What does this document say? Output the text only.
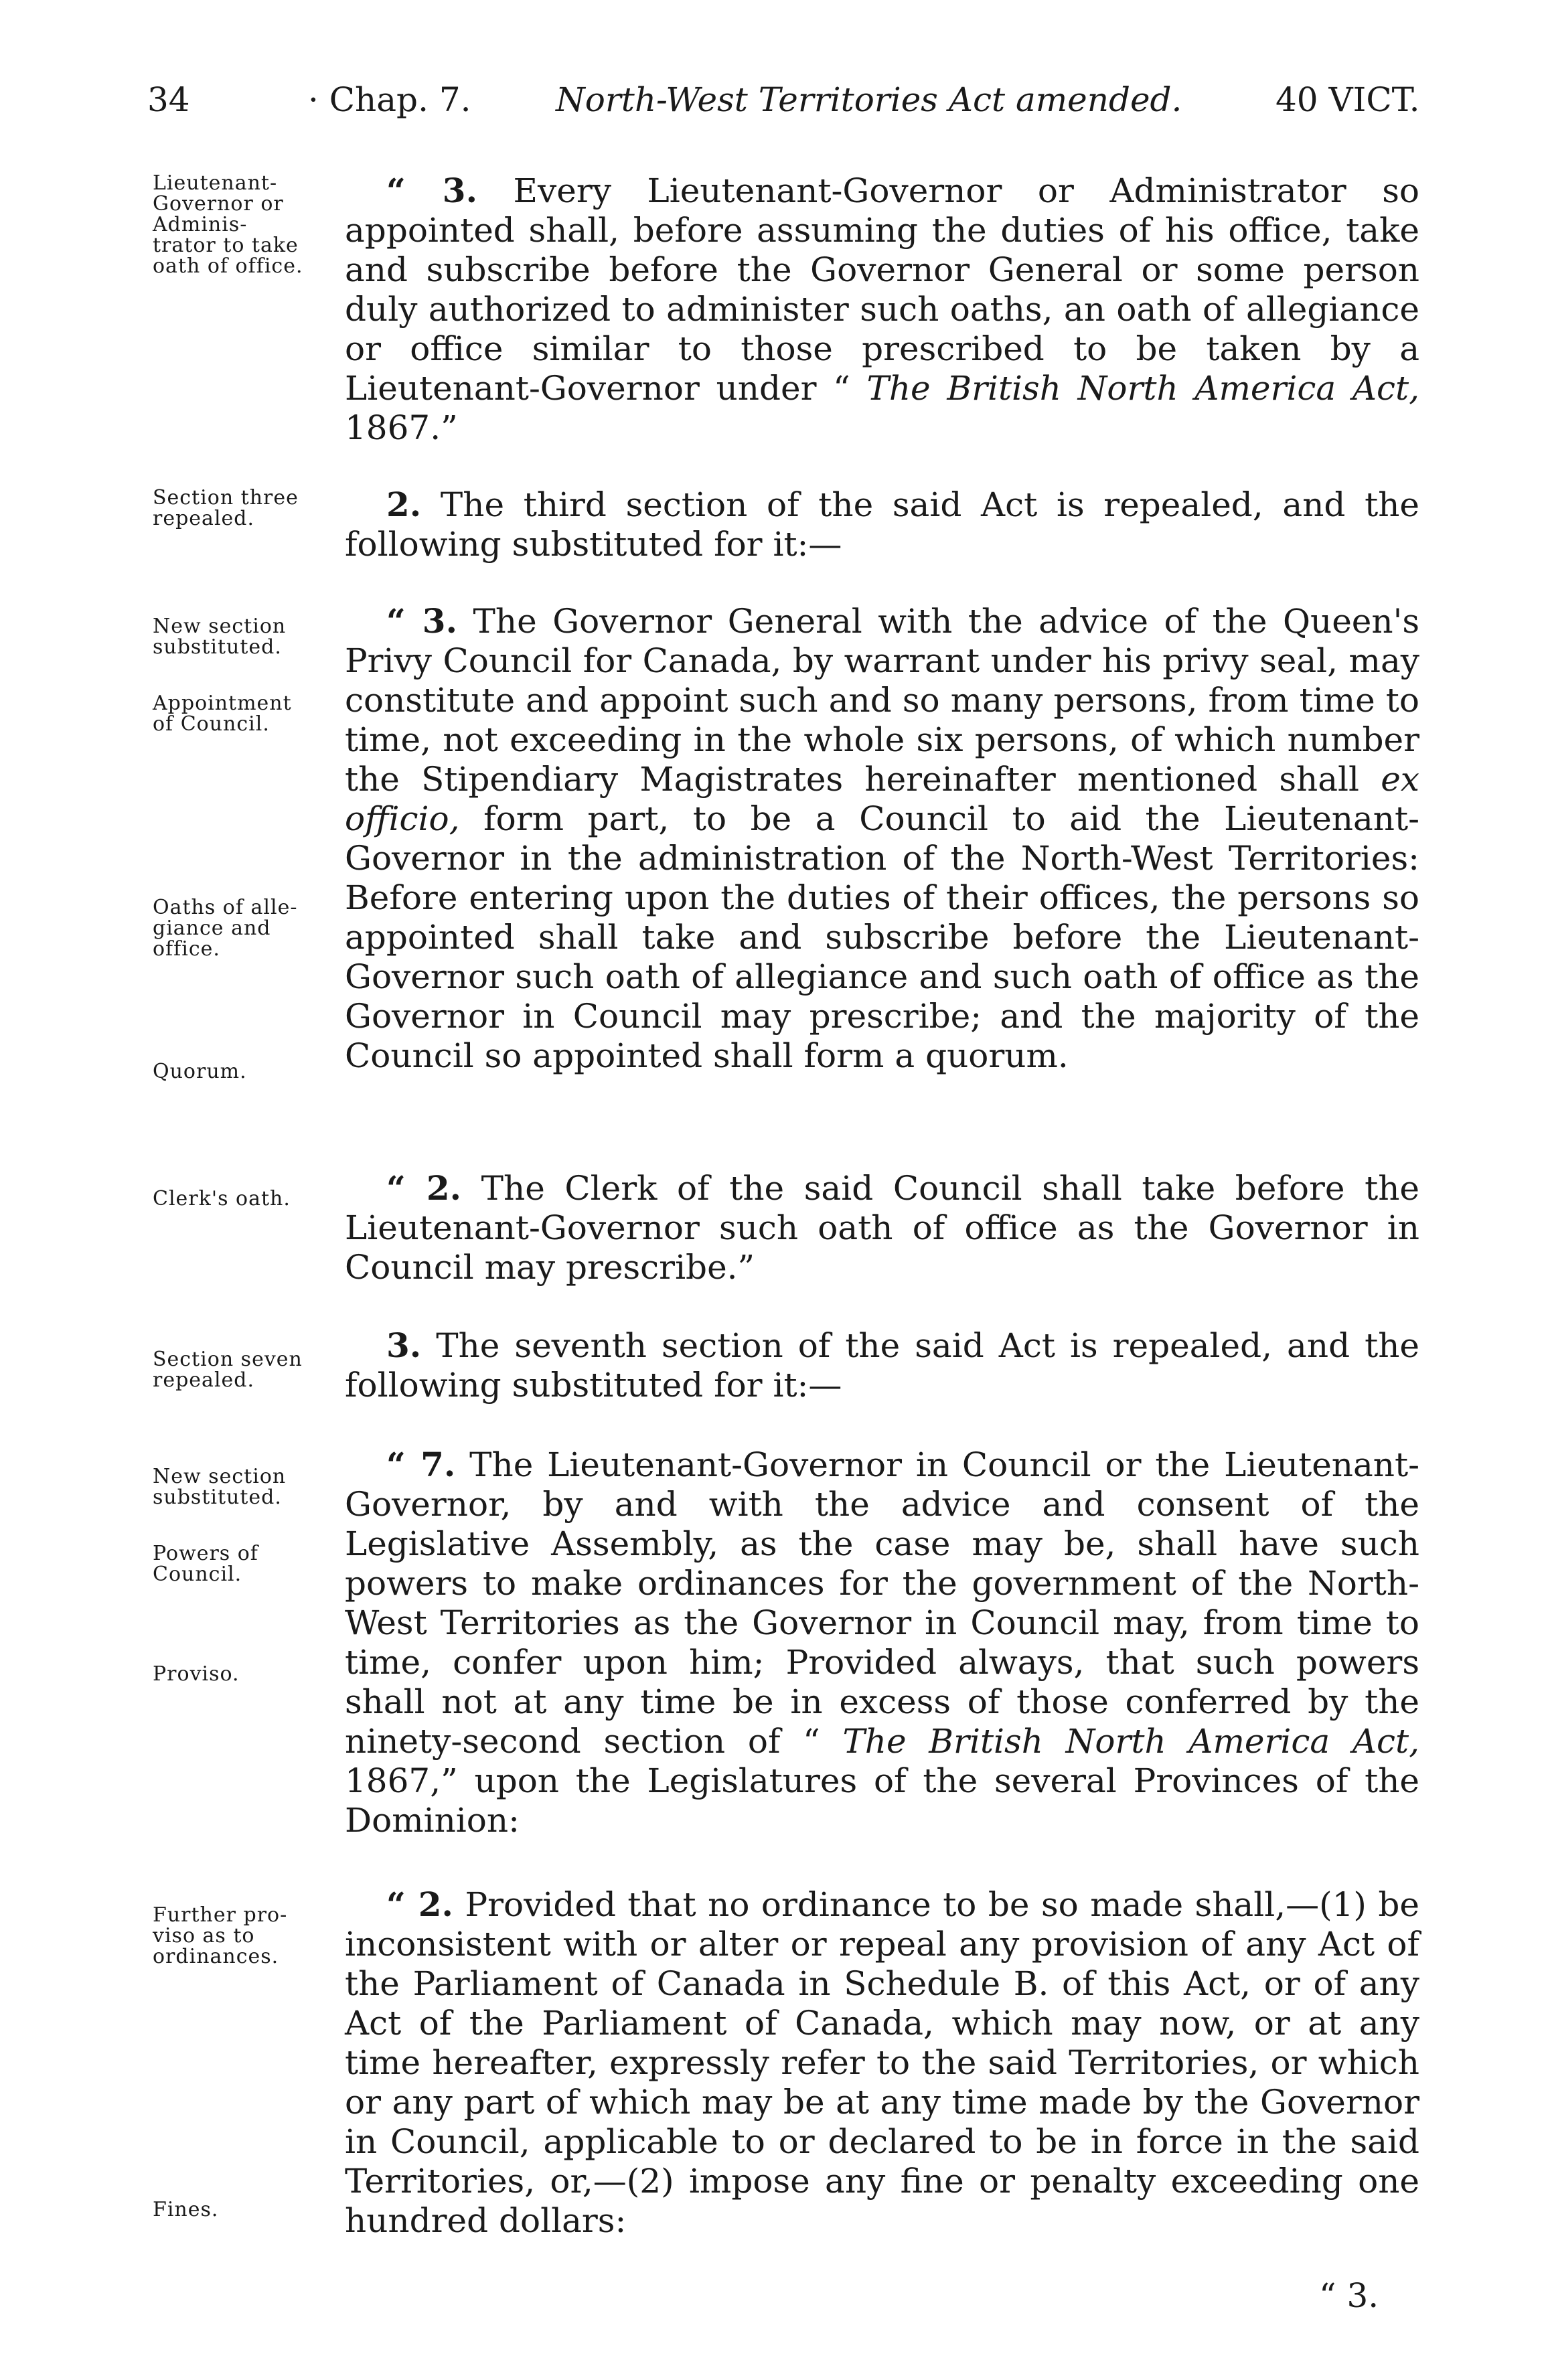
34	· Chap. 7.	North-West Territories Act amended.	40 VICT.
Lieutenant-
Governor or
Adminis-
trator to take
oath of office.
Section three
repealed.
New section
substituted.
Appointment
of Council.
Oaths of alle-
giance and
office.
Quorum.
Clerk's oath.
Section seven
repealed.
New section
substituted.
Powers of
Council.
Proviso.
Further pro-
viso as to
ordinances.
Fines.
“ 3. Every Lieutenant-Governor or Administrator so appointed shall, before assuming the duties of his office, take and subscribe before the Governor General or some person duly authorized to administer such oaths, an oath of allegiance or office similar to those prescribed to be taken by a Lieutenant-Governor under “ The British North America Act, 1867.”
2. The third section of the said Act is repealed, and the following substituted for it:—
“ 3. The Governor General with the advice of the Queen's Privy Council for Canada, by warrant under his privy seal, may constitute and appoint such and so many persons, from time to time, not exceeding in the whole six persons, of which number the Stipendiary Magistrates hereinafter mentioned shall ex officio, form part, to be a Council to aid the Lieutenant-Governor in the administration of the North-West Territories: Before entering upon the duties of their offices, the persons so appointed shall take and subscribe before the Lieutenant-Governor such oath of allegiance and such oath of office as the Governor in Council may prescribe; and the majority of the Council so appointed shall form a quorum.
“ 2. The Clerk of the said Council shall take before the Lieutenant-Governor such oath of office as the Governor in Council may prescribe.”
3. The seventh section of the said Act is repealed, and the following substituted for it:—
“ 7. The Lieutenant-Governor in Council or the Lieutenant-Governor, by and with the advice and consent of the Legislative Assembly, as the case may be, shall have such powers to make ordinances for the government of the North-West Territories as the Governor in Council may, from time to time, confer upon him; Provided always, that such powers shall not at any time be in excess of those conferred by the ninety-second section of “ The British North America Act, 1867,” upon the Legislatures of the several Provinces of the Dominion:
“ 2. Provided that no ordinance to be so made shall,—(1) be inconsistent with or alter or repeal any provision of any Act of the Parliament of Canada in Schedule B. of this Act, or of any Act of the Parliament of Canada, which may now, or at any time hereafter, expressly refer to the said Territories, or which or any part of which may be at any time made by the Governor in Council, applicable to or declared to be in force in the said Territories, or,—(2) impose any fine or penalty exceeding one hundred dollars:
“ 3.
